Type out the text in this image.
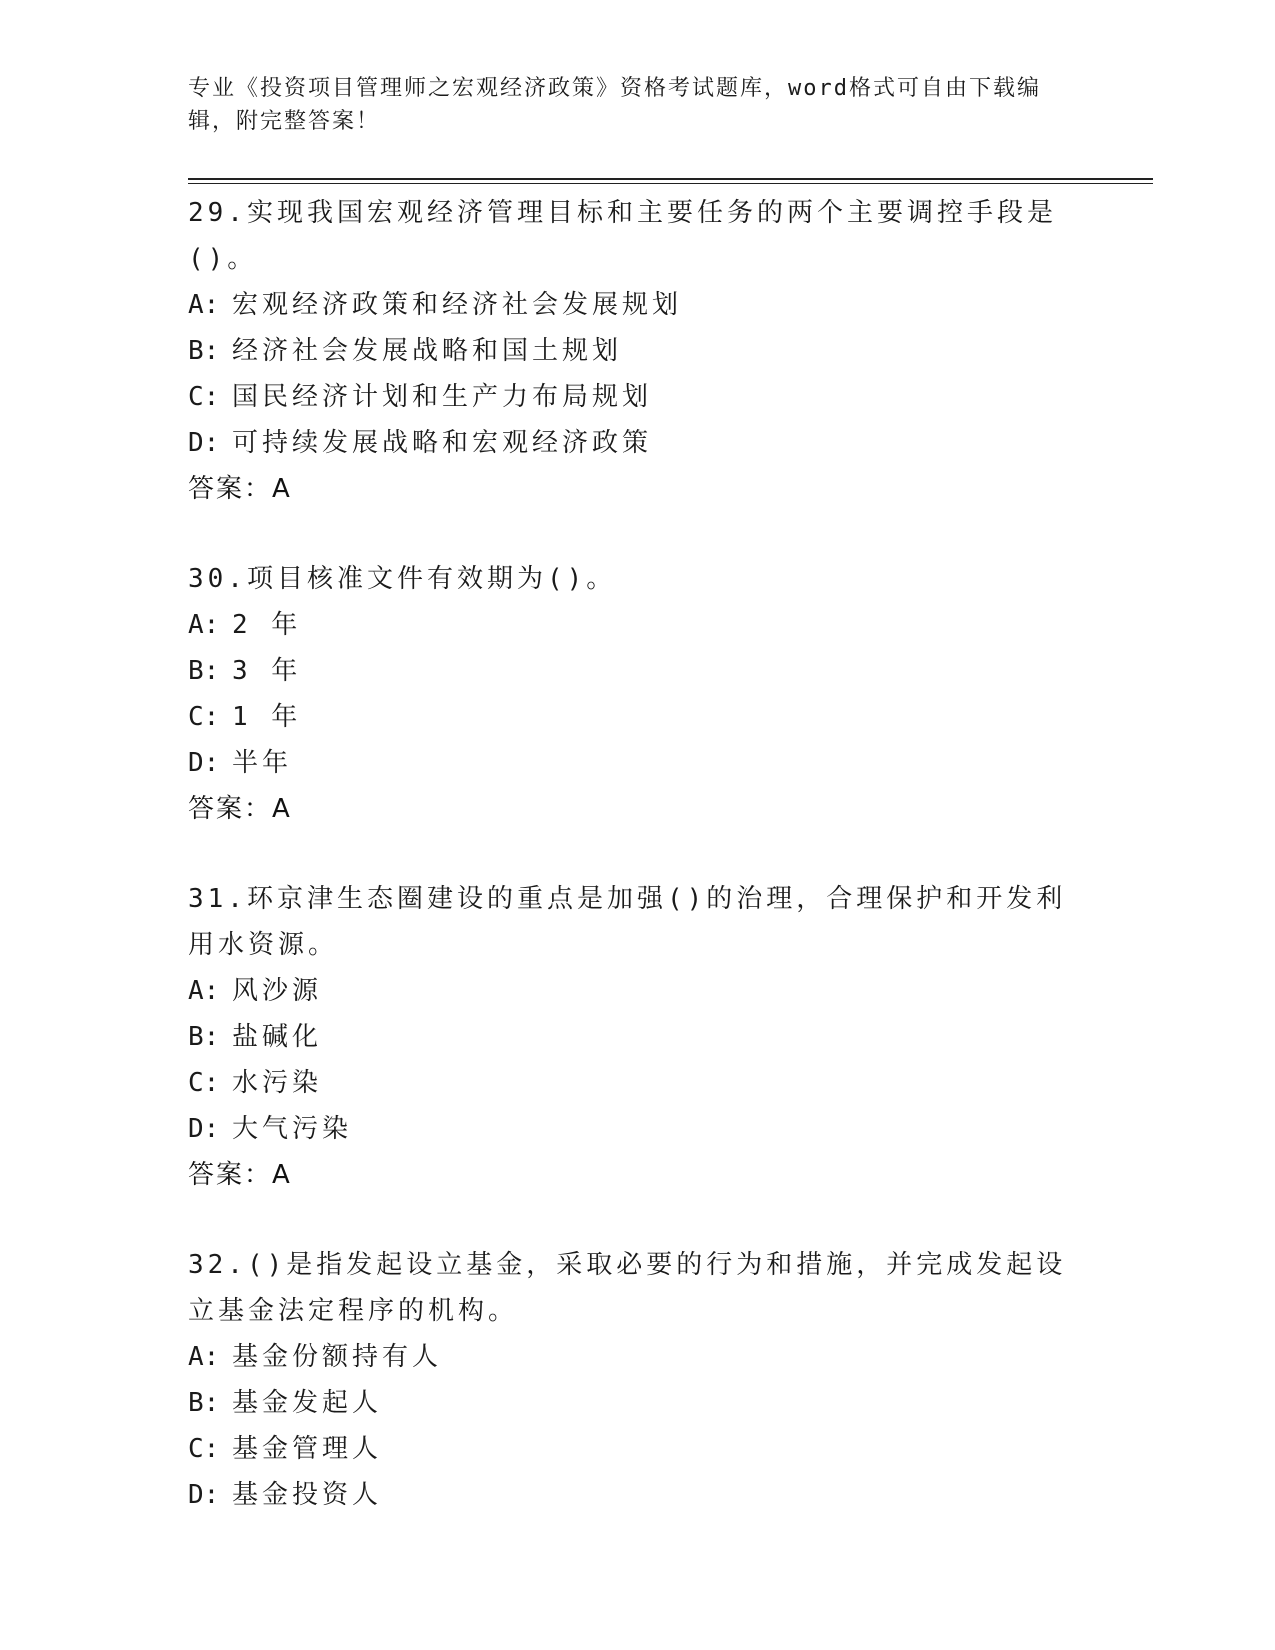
专业《投资项目管理师之宏观经济政策》资格考试题库，word格式可自由下载编辑，附完整答案！

29.实现我国宏观经济管理目标和主要任务的两个主要调控手段是()。

A: 宏观经济政策和经济社会发展规划

B: 经济社会发展战略和国土规划

C: 国民经济计划和生产力布局规划

D: 可持续发展战略和宏观经济政策

答案：A

30.项目核准文件有效期为()。

A: 2 年

B: 3 年

C: 1 年

D: 半年

答案：A

31.环京津生态圈建设的重点是加强()的治理，合理保护和开发利用水资源。

A: 风沙源

B: 盐碱化

C: 水污染

D: 大气污染

答案：A

32.()是指发起设立基金，采取必要的行为和措施，并完成发起设立基金法定程序的机构。

A: 基金份额持有人

B: 基金发起人

C: 基金管理人

D: 基金投资人
